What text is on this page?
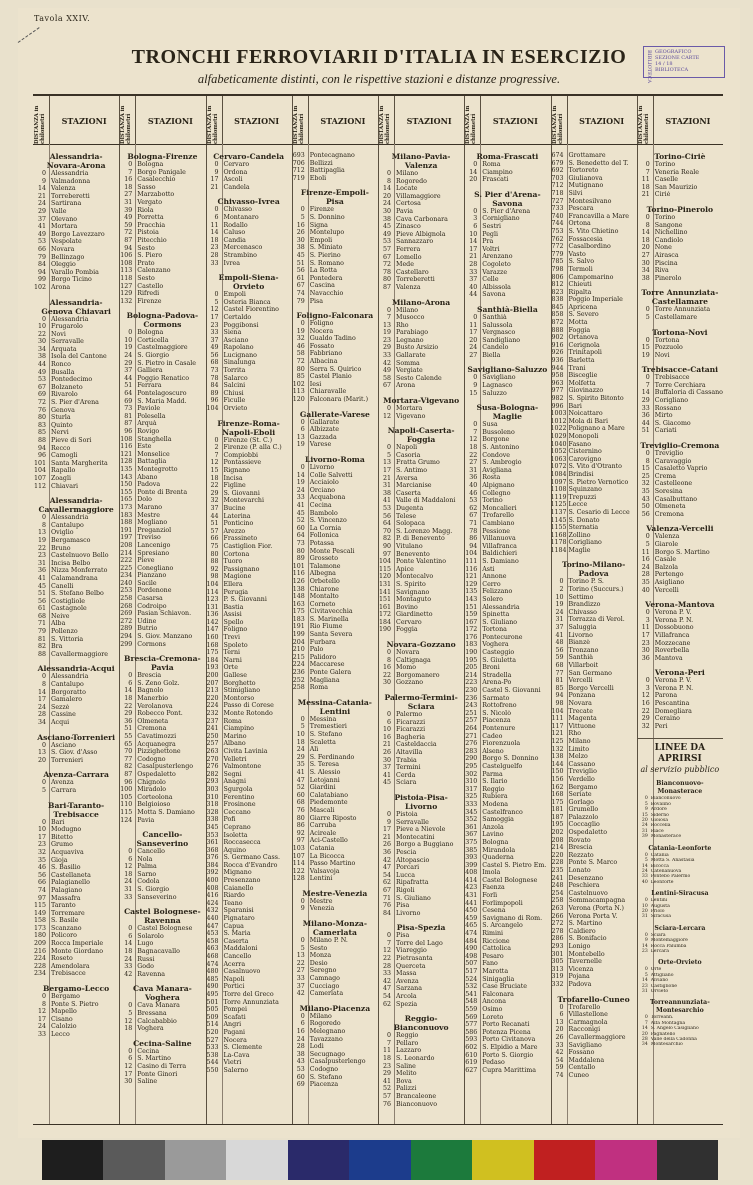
Tavola XXIV.
TRONCHI FERROVIARII D'ITALIA IN ESERCIZIO
alfabeticamente distinti, con le rispettive stazioni e distanze progressive.	BIBLIOTECA GEOGRAFICO
SEZIONE CARTE
14 / 18
BIBLIOTECA
DISTANZA in chilometri	STAZIONI
Alessandria-Novara-Arona
0 Alessandria
9 Valmadonna
14 Valenza
21 Torreberetti
24 Sartirana
29 Valle
37 Olevano
41 Mortara
49 Borgo Lavezzaro
53 Vespolate
66 Novara
79 Bellinzago
84 Oleggio
94 Varallo Pombia
99 Borgo Ticino
102 Arona
Alessandria-Genova Chiavari
0 Alessandria
10 Frugarolo
22 Novi
30 Serravalle
34 Arquata
38 Isola del Cantone
44 Ronco
49 Busalla
53 Pontedecimo
67 Bolzaneto
69 Rivarolo
72 S. Pier d'Arena
76 Genova
80 Sturla
83 Quinto
85 Nervi
88 Pieve di Sori
94 Recco
96 Camogli
101 Santa Margherita
104 Rapallo
107 Zoagli
112 Chiavari
Alessandria-Cavallermaggiore
0 Alessandria
8 Cantalupo
13 Oviglio
19 Bergamasco
22 Bruno
23 Castelnuovo Bello
31 Incisa Belbo
36 Nizza Monferrato
41 Calamandrana
45 Canelli
51 S. Stefano Belbo
56 Costigliole
61 Castagnole
68 Neive
71 Alba
79 Pollenzo
81 S. Vittoria
82 Bra
88 Cavallermaggiore
Alessandria-Acqui
0 Alessandria
8 Cantalupo
14 Borgoratto
17 Gamalero
24 Sezzè
28 Cassine
34 Acqui
Asciano-Torrenieri
0 Asciano
13 S. Giov. d'Asso
20 Torrenieri
Avenza-Carrara
0 Avenza
5 Carrara
Bari-Taranto-Trebisacce
0 Bari
10 Modugno
17 Bitetto
23 Grumo
32 Acquaviva
35 Gioja
46 S. Basilio
56 Castellaneta
66 Palagianello
74 Palagiano
97 Massafra
115 Taranto
149 Torremare
158 S. Basile
173 Scanzano
180 Policoro
209 Rocca Imperiale
216 Monte Giordano
224 Roseto
228 Amendolara
234 Trebisacce
Bergamo-Lecco
0 Bergamo
8 Ponte S. Pietro
12 Mapello
17 Cisano
24 Calolzio
33 Lecco
DISTANZA in chilometri	STAZIONI
Bologna-Firenze
0 Bologna
7 Borgo Panigale
16 Casalecchio
18 Sasso
27 Marzabotto
31 Vergato
39 Riola
49 Porretta
59 Pracchia
72 Pistoia
87 Pitecchio
94 Sesto
106 S. Piero
108 Prato
113 Calenzano
118 Sesto
127 Castello
129 Rifredi
132 Firenze
Bologna-Padova-Cormons
0 Bologna
10 Corticella
19 Castelmaggiore
24 S. Giorgio
29 S. Pietro in Casale
37 Galliera
44 Poggio Renatico
51 Ferrara
64 Pontelagoscuro
69 S. Maria Madd.
73 Paviole
81 Polesella
87 Arquà
96 Rovigo
108 Stanghella
116 Este
121 Monselice
128 Battaglia
135 Montegrotto
143 Abano
150 Padova
155 Ponte di Brenta
165 Dolo
173 Marano
183 Mestre
188 Mogliano
191 Preganziol
197 Treviso
208 Lancenigo
214 Spresiano
222 Pieve
225 Conegliano
234 Pianzano
240 Sacile
253 Pordenone
258 Casarsa
268 Codroipo
269 Pasian Schiavon.
272 Udine
289 Butrio
294 S. Giov. Manzano
299 Cormons
Brescia-Cremona-Pavia
0 Brescia
6 S. Zeno Golz.
14 Bagnolo
18 Manerbio
22 Verolanova
29 Robecco Pont.
36 Olmeneta
51 Cremona
55 Cavatimozzi
65 Acquanegra
70 Pizzighettone
77 Codogno
82 Casalpusterlengo
87 Ospedaletto
96 Chignolo
100 Miradolo
105 Corteolona
110 Belgioioso
115 Motta S. Damiano
124 Pavia
Cancello-Sanseverino
0 Cancello
6 Nola
12 Palma
18 Sarno
24 Codola
31 S. Giorgio
33 Sanseverino
Castel Bolognese-Ravenna
0 Castel Bolognese
6 Solarolo
14 Lugo
18 Bagnacavallo
24 Russi
33 Godo
42 Ravenna
Cava Manara-Voghera
0 Cava Manara
5 Bressana
12 Calcababbio
18 Voghera
Cecina-Saline
0 Cecina
6 S. Martino
12 Casino di Terra
17 Ponte Ginori
30 Saline
DISTANZA in chilometri	STAZIONI
Cervaro-Candela
0 Cervaro
9 Ordona
17 Ascoli
21 Candela
Chivasso-Ivrea
0 Chivasso
6 Montanaro
11 Rodallo
14 Caluso
18 Candia
23 Mercenasco
28 Strambino
33 Ivrea
Empoli-Siena-Orvieto
0 Empoli
5 Osteria Bianca
12 Castel Fiorentino
17 Certaldo
23 Poggibonsi
33 Siena
37 Asciano
49 Rapolano
56 Lucignano
68 Sinalunga
73 Torrita
78 Salarco
84 Salcini
89 Chiusi
96 Ficulle
104 Orvieto
Firenze-Roma-Napoli-Eboli
0 Firenze (St. C.)
2 Firenze (P. alla C.)
7 Compiobbi
12 Pontassieve
15 Rignano
18 Incisa
22 Figline
29 S. Giovanni
32 Montevarchi
37 Bucine
44 Laterina
51 Ponticino
57 Arezzo
66 Frassineto
75 Castiglion Fior.
80 Cortona
88 Tuoro
92 Passignano
98 Magione
104 Ellera
114 Perugia
123 P. S. Giovanni
131 Bastia
136 Assisi
142 Spello
147 Foligno
160 Trevi
168 Spoleto
175 Terni
184 Narni
193 Orte
200 Gallese
207 Borghetto
213 Stimigliano
220 Montorso
224 Passo di Corese
232 Monte Rotondo
237 Roma
241 Ciampino
250 Marino
257 Albano
263 Civita Lavinia
270 Velletri
276 Valmontone
282 Segni
293 Anagni
303 Sgurgola
310 Ferentino
318 Frosinone
328 Ceccano
338 Pofi
345 Ceprano
353 Isoletta
361 Roccasecca
368 Aquino
376 S. Germano Cass.
384 Rocca d'Evandro
392 Mignano
400 Presenzano
408 Caianello
416 Riardo
424 Teano
432 Sparanisi
440 Pignataro
447 Capua
453 S. Maria
458 Caserta
463 Maddaloni
468 Cancello
474 Acerra
480 Casalnuovo
485 Napoli
490 Portici
495 Torre del Greco
501 Torre Annunziata
505 Pompei
509 Scafati
514 Angri
520 Pagani
527 Nocera
533 S. Clemente
538 La-Cava
544 Vietri
550 Salerno
DISTANZA in chilometri	STAZIONI
693 Pontecagnano
706 Bellizzi
712 Battipaglia
719 Eboli
Firenze-Empoli-Pisa
0 Firenze
5 S. Donnino
16 Signa
26 Montelupo
30 Empoli
38 S. Miniato
45 S. Pierino
51 S. Romano
56 La Rotta
61 Pontedera
67 Cascina
74 Navacchio
79 Pisa
Foligno-Falconara
0 Foligno
19 Nocera
32 Gualdo Tadino
46 Fossato
58 Fabbriano
72 Albacina
80 Serra S. Quirico
85 Castel Planio
102 Iesi
113 Chiaravalle
120 Falconara (Marit.)
Gallerate-Varese
0 Gallarate
6 Albizzate
13 Gazzada
19 Varese
Livorno-Roma
0 Livorno
14 Colle Salvetti
19 Acciaiolo
24 Orciano
33 Acquabona
41 Cecina
45 Bambolo
52 S. Vincenzo
60 La Cornia
64 Follonica
73 Potassa
80 Monte Pescali
89 Grosseto
101 Talamone
116 Albegna
126 Orbetello
138 Chiarone
148 Montalto
163 Corneto
175 Civitavecchia
183 S. Marinella
191 Rio Fiume
199 Santa Severa
204 Furbara
210 Palo
215 Palidoro
224 Maccarese
236 Ponte Galera
252 Magliana
258 Roma
Messina-Catania-Lentini
0 Messina
5 Tremestieri
10 S. Stefano
18 Scaletta
24 Alì
29 S. Ferdinando
35 S. Teresa
41 S. Alessio
47 Letojanni
52 Giardini
60 Calatabiano
68 Piedemonte
76 Mascali
80 Giarre Riposto
86 Carruba
92 Acireale
97 Aci-Castello
103 Catania
107 La Bicocca
114 Passo Martino
122 Valsavoja
128 Lentini
Mestre-Venezia
0 Mestre
9 Venezia
Milano-Monza-Camerlata
0 Milano P. N.
5 Sesto
13 Monza
22 Desio
27 Seregno
33 Camnago
37 Cucciago
42 Camerlata
Milano-Piacenza
0 Milano
6 Rogoredo
16 Melegnano
24 Tavazzano
28 Lodi
38 Secugnago
43 Casalpusterlengo
53 Codogno
60 S. Stefano
69 Piacenza
DISTANZA in chilometri	STAZIONI
Milano-Pavia-Valenza
0 Milano
8 Rogoredo
14 Locate
20 Villamaggiore
24 Certosa
30 Pavia
38 Cava Carbonara
45 Zinasco
49 Pieve Albignola
53 Sannazzaro
57 Ferrera
67 Lomello
72 Mede
78 Castellaro
80 Torreberetti
87 Valenza
Milano-Arona
0 Milano
7 Musocco
13 Rho
19 Parabiago
23 Legnano
29 Busto Arsizio
33 Gallarate
42 Somma
49 Vergiate
58 Sesto Calende
67 Arona
Mortara-Vigevano
0 Mortara
12 Vigevano
Napoli-Caserta-Foggia
0 Napoli
5 Casoria
13 Fratta Grumo
17 S. Antimo
21 Aversa
31 Marcianise
38 Caserta
41 Valle di Maddaloni
53 Dugenta
56 Telese
64 Solopaca
70 S. Lorenzo Magg.
82 P. di Benevento
90 Vitulano
97 Benevento
104 Ponte Valentino
115 Apice
120 Montecalvo
131 S. Spirito
141 Savignano
151 Montaguto
161 Bovino
172 Giardinetto
184 Cervaro
190 Foggia
Novara-Gozzano
0 Novara
8 Caltignaga
16 Momo
22 Borgomanero
30 Gozzano
Palermo-Termini-Sciara
0 Palermo
6 Ficarazzi
10 Ficarazzi
16 Bagheria
21 Casteldaccia
26 Altavilla
30 Trabia
37 Termini
41 Cerda
45 Sciara
Pistoia-Pisa-Livorno
0 Pistoia
9 Serravalle
17 Pieve a Nievole
21 Montecatini
26 Borgo a Buggiano
36 Pescia
42 Altopascio
47 Porcari
54 Lucca
62 Ripafratta
67 Rigoli
71 S. Giuliano
76 Pisa
84 Livorno
Pisa-Spezia
0 Pisa
7 Torre del Lago
12 Viareggio
22 Pietrasanta
28 Querceta
33 Massa
42 Avenza
47 Sarzana
54 Arcola
62 Spezia
Reggio-Bianconuovo
0 Reggio
7 Pellaro
11 Lazzaro
18 S. Leonardo
23 Saline
29 Melito
41 Bova
52 Palizzi
57 Brancaleone
76 Bianconuovo
DISTANZA in chilometri	STAZIONI
Roma-Frascati
0 Roma
14 Ciampino
20 Frascati
S. Pier d'Arena-Savona
0 S. Pier d'Arena
3 Cornigliano
6 Sestri
10 Pegli
14 Pra
17 Voltri
21 Arenzano
28 Cogoleto
33 Varazze
37 Celle
40 Albissola
44 Savona
Santhià-Biella
0 Santhià
11 Salussola
17 Vergnasco
20 Sandigliano
24 Candelo
27 Biella
Savigliano-Saluzzo
0 Savigliano
9 Lagnasco
15 Saluzzo
Susa-Bologna-Maglie
0 Susa
7 Bussoleno
12 Borgone
18 S. Antonino
22 Condove
27 S. Ambrogio
31 Avigliana
36 Rosta
40 Alpignano
46 Collegno
53 Torino
62 Moncalieri
67 Trofarello
71 Cambiano
78 Pessione
86 Villanuova
94 Villafranca
104 Baldichieri
111 S. Damiano
116 Asti
121 Annone
129 Cerro
135 Felizzano
143 Solero
151 Alessandria
159 Spinetta
167 S. Giuliano
172 Tortona
176 Pontecurone
183 Voghera
190 Casteggio
195 S. Giuletta
205 Broni
214 Stradella
223 Arena-Po
230 Castel S. Giovanni
236 Sarmato
243 Rottofreno
251 S. Nicolò
257 Piacenza
264 Pontenure
271 Cadeo
276 Fiorenzuola
283 Alseno
290 Borgo S. Donnino
295 Castelguelfo
302 Parma
310 S. Ilario
317 Reggio
325 Rubiera
333 Modena
345 Castelfranco
352 Samoggia
361 Anzola
367 Lavino
375 Bologna
385 Mirandola
393 Quaderna
399 Castel S. Pietro Em.
408 Imola
414 Castel Bolognese
423 Faenza
431 Forlì
441 Forlimpopoli
450 Cesena
459 Savignano di Rom.
465 S. Arcangelo
474 Rimini
484 Riccione
490 Cattolica
498 Pesaro
507 Fano
517 Marotta
524 Sinigaglia
532 Case Bruciate
541 Falconara
548 Ancona
559 Osimo
569 Loreto
577 Porto Recanati
586 Potenza Picena
593 Porto Civitanova
602 S. Elpidio a Mare
610 Porto S. Giorgio
619 Pedaso
627 Cupra Marittima
DISTANZA in chilometri	STAZIONI
674 Grottamare
679 S. Benedetto del T.
692 Tortoreto
703 Giulianova
712 Mutignano
718 Silvi
727 Montesilvano
733 Pescara
740 Francavilla a Mare
744 Ortona
753 S. Vito Chietino
762 Fossacesia
772 Casalbordino
779 Vasto
785 S. Salvo
798 Termoli
806 Campomarino
812 Chieuti
823 Ripalta
838 Poggio Imperiale
845 Apricena
858 S. Severo
872 Motta
888 Foggia
902 Ortanova
916 Cerignola
926 Trinitapoli
936 Barletta
944 Trani
958 Bisceglie
963 Molfetta
977 Giovinazzo
982 S. Spirito Bitonto
996 Bari
1003 Noicattaro
1012 Mola di Bari
1022 Polignano a Mare
1029 Monopoli
1040 Fasano
1052 Cisternino
1063 Carovigno
1072 S. Vito d'Otranto
1084 Brindisi
1097 S. Pietro Vernotico
1108 Squinzano
1119 Trepuzzi
1125 Lecce
1137 S. Cesario di Lecce
1145 S. Donato
1155 Sternatia
1168 Zollino
1178 Corigliano
1184 Maglie
Torino-Milano-Padova
0 Torino P. S.
2 Torino (Succurs.)
10 Settimo
19 Brandizzo
24 Chivasso
31 Torrazza di Verol.
37 Saluggia
41 Livorno
48 Bianzè
56 Tronzano
59 Santhià
68 Villarboit
77 San Germano
81 Vercelli
85 Borgo Vercelli
94 Ponzana
98 Novara
104 Trecate
111 Magenta
117 Vittuone
121 Rho
125 Milano
132 Limito
138 Melzo
144 Cassano
150 Treviglio
156 Verdello
162 Bergamo
168 Seriate
175 Gorlago
181 Grumello
187 Palazzolo
195 Coccaglio
202 Ospedaletto
208 Rovato
214 Brescia
220 Rezzato
228 Ponte S. Marco
235 Lonato
241 Desenzano
248 Peschiera
254 Castelnuovo
258 Sommacampagna
263 Verona (Porta N.)
266 Verona Porta V.
272 S. Martino
278 Caldiero
286 S. Bonifacio
293 Lonigo
301 Montebello
305 Tavernelle
313 Vicenza
319 Pojana
332 Padova
Trofarello-Cuneo
0 Trofarello
6 Villastellone
13 Carmagnola
20 Racconigi
26 Cavallermaggiore
33 Savigliano
42 Fossano
54 Maddalena
59 Centallo
74 Cuneo
DISTANZA in chilometri	STAZIONI
Torino-Ciriè
0 Torino
7 Veneria Reale
11 Caselle
18 San Maurizio
21 Cirié
Torino-Pinerolo
0 Torino
8 Sangone
14 Nichellino
18 Candiolo
20 None
27 Airasca
30 Piscina
34 Riva
38 Pinerolo
Torre Annunziata-Castellamare
0 Torre Annunziata
5 Castellamare
Tortona-Novi
0 Tortona
15 Pozzuolo
19 Novi
Trebisacce-Catani
0 Trebisacce
7 Torre Cerchiara
14 Buffaloria di Cassano
29 Corigliano
33 Rossano
36 Mirto
44 S. Giacomo
51 Cariati
Treviglio-Cremona
0 Treviglio
8 Caravaggio
15 Casaletto Vaprio
25 Crema
32 Castelleone
35 Soresina
43 Casalbuttano
50 Olmeneta
56 Cremona
Valenza-Vercelli
0 Valenza
5 Giarole
11 Borgo S. Martino
16 Casale
24 Balzola
28 Pertengo
35 Asigliano
40 Vercelli
Verona-Mantova
0 Verona P. V.
3 Verona P. N.
11 Dossobuono
17 Villafranca
23 Mozzecane
30 Roverbella
36 Mantova
Verona-Peri
0 Verona P. V.
3 Verona P. N.
12 Parona
16 Pescantina
22 Domegliara
29 Ceraino
32 Peri
LINEE DA APRIRSI
al servizio pubblico
Bianconuovo-Monasterace
0 Bianconuovo
5 Bovalino
9 Ardore
15 Siderno
20 Gioiosa
24 Roccella
31 Riace
39 Monasterace
Catania-Leonforte
0 Catania
5 Motta S. Anastasia
14 Bicocca
24 Catenanuova
33 Pontebo Palermo
40 Leonforte
Lentini-Siracusa
0 Lentini
10 Augusta
20 Priolo
31 Siracusa
Sciara-Lercara
0 Sciara
9 Montemaggiore
14 Rocca Palumba
23 Lercara
Orte-Orvieto
0 Orte
5 Attigliano
14 Alviano
23 Castiglione
31 Orvieto
Torreannunziata-Montesarchio
0 Torreann.
7 Alfa Montagna
14 S. Angelo Casigliano
20 Pagnatello
28 Valle della Cadonna
34 Montesarchio
